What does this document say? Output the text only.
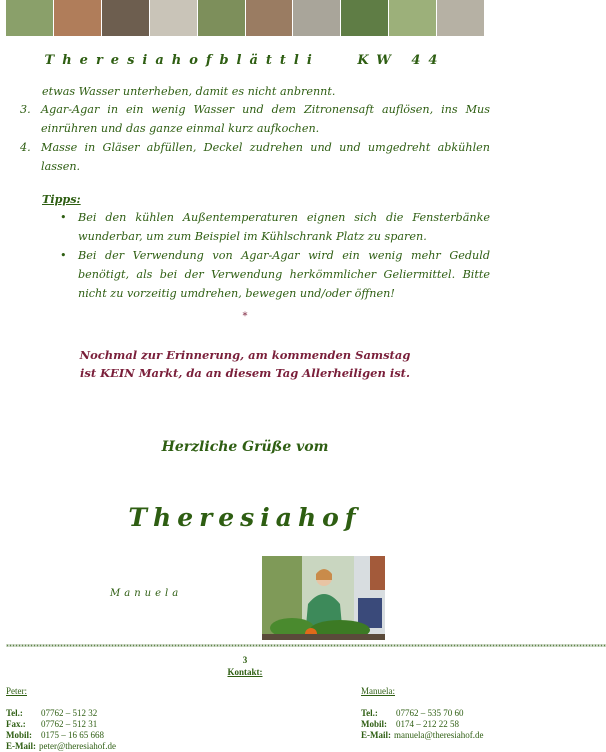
Theresiahofblättli   KW 44
etwas Wasser unterheben, damit es nicht anbrennt.
3. Agar-Agar in ein wenig Wasser und dem Zitronensaft auflösen, ins Mus einrühren und das ganze einmal kurz aufkochen.
4. Masse in Gläser abfüllen, Deckel zudrehen und und umgedreht abkühlen lassen.
Tipps:
•	Bei den kühlen Außentemperaturen eignen sich die Fensterbänke wunderbar, um zum Beispiel im Kühlschrank Platz zu sparen.
•	Bei der Verwendung von Agar-Agar wird ein wenig mehr Geduld benötigt, als bei der Verwendung herkömmlicher Geliermittel. Bitte nicht zu vorzeitig umdrehen, bewegen und/oder öffnen!
*
Nochmal zur Erinnerung, am kommenden Samstag
ist KEIN Markt, da an diesem Tag Allerheiligen ist.
Herzliche Grüße vom
Theresiahof
Manuela
********************************************************************************************************************************************************************************************************
3
Kontakt:
Peter:
Tel.:	07762 – 512 32
Fax.:	07762 – 512 31
Mobil:	0175 – 16 65 668
E-Mail: peter@theresiahof.de
Manuela:
Tel.:	07762 – 535 70 60
Mobil:	0174 – 212 22 58
E-Mail: manuela@theresiahof.de
